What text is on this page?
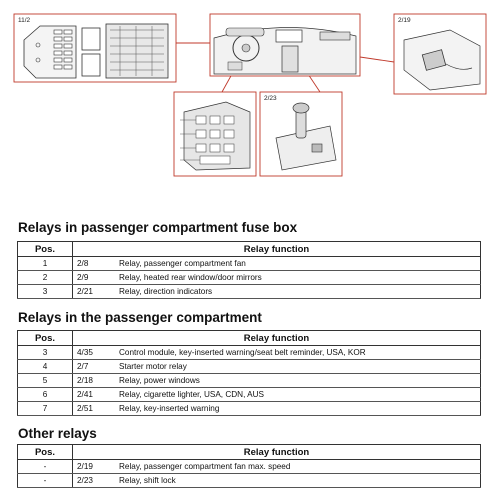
11/2	2/19
2/23
Relays in passenger compartment fuse box
Pos.	Relay function
1	2/8 Relay, passenger compartment fan
2	2/9 Relay, heated rear window/door mirrors
3	2/21 Relay, direction indicators
Relays in the passenger compartment
Pos.	Relay function
3	4/35 Control module, key-inserted warning/seat belt reminder, USA, KOR
4	2/7 Starter motor relay
5	2/18 Relay, power windows
6	2/41 Relay, cigarette lighter, USA, CDN, AUS
7	2/51 Relay, key-inserted warning
Other relays
Pos.	Relay function
-	2/19 Relay, passenger compartment fan max. speed
-	2/23 Relay, shift lock
